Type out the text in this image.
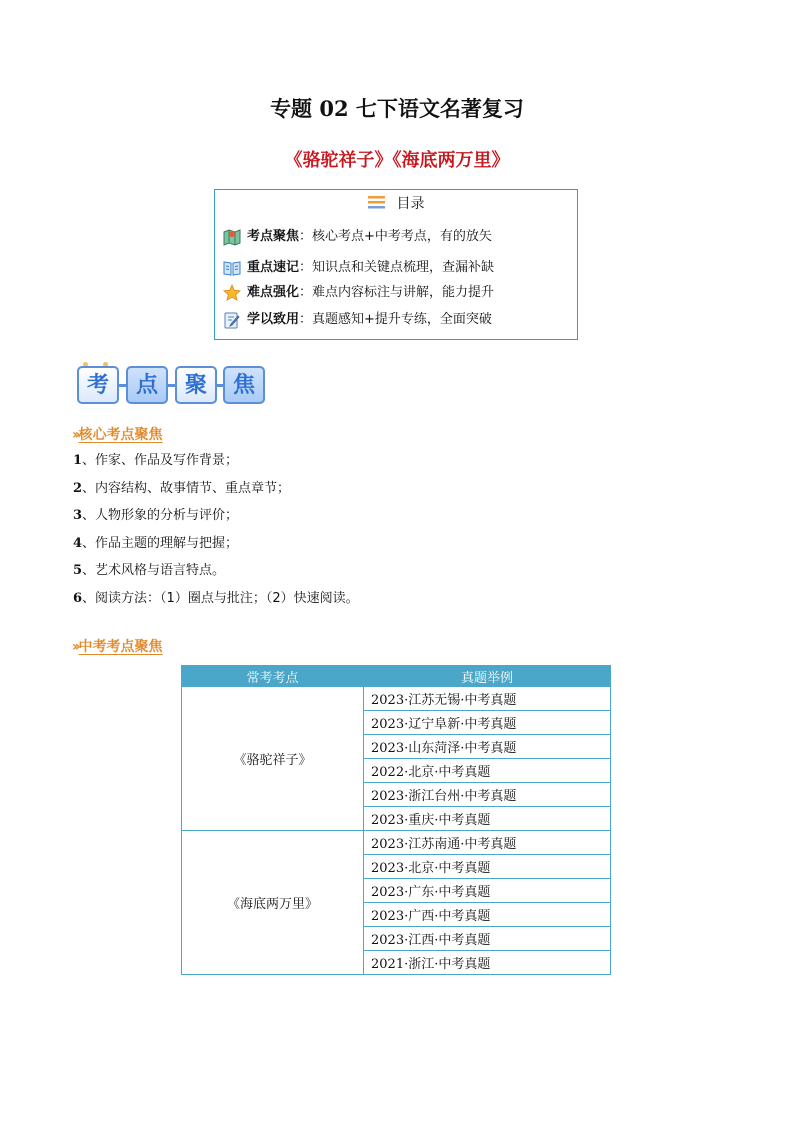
专题 02 七下语文名著复习
《骆驼祥子》《海底两万里》
目录
考点聚焦：核心考点+中考考点，有的放矢
重点速记：知识点和关键点梳理，查漏补缺
难点强化：难点内容标注与讲解，能力提升
学以致用：真题感知+提升专练，全面突破
考	点	聚	焦
››核心考点聚焦
1、作家、作品及写作背景；
2、内容结构、故事情节、重点章节；
3、人物形象的分析与评价；
4、作品主题的理解与把握；
5、艺术风格与语言特点。
6、阅读方法：（1）圈点与批注；（2）快速阅读。
››中考考点聚焦
常考考点	真题举例
《骆驼祥子》	2023·江苏无锡·中考真题
	2023·辽宁阜新·中考真题
	2023·山东菏泽·中考真题
	2022·北京·中考真题
	2023·浙江台州·中考真题
	2023·重庆·中考真题
《海底两万里》	2023·江苏南通·中考真题
	2023·北京·中考真题
	2023·广东·中考真题
	2023·广西·中考真题
	2023·江西·中考真题
	2021·浙江·中考真题
